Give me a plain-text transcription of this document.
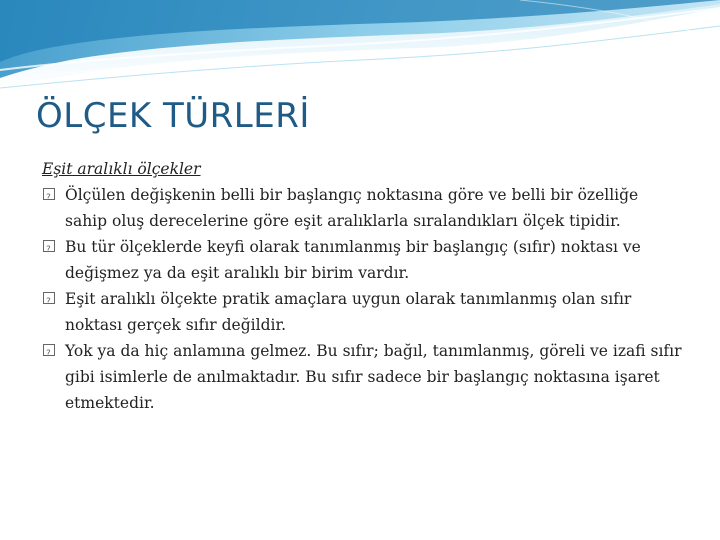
ÖLÇEK TÜRLERİ

Eşit aralıklı ölçekler

?
Ölçülen değişkenin belli bir başlangıç noktasına göre ve belli bir özelliğe sahip oluş derecelerine göre eşit aralıklarla sıralandıkları ölçek tipidir.
?
Bu tür ölçeklerde keyfi olarak tanımlanmış bir başlangıç (sıfır) noktası ve değişmez ya da eşit aralıklı bir birim vardır.
?
Eşit aralıklı ölçekte pratik amaçlara uygun olarak tanımlanmış olan sıfır noktası gerçek sıfır değildir.
?
Yok ya da hiç anlamına gelmez. Bu sıfır; bağıl, tanımlanmış, göreli ve izafi sıfır gibi isimlerle de anılmaktadır. Bu sıfır sadece bir başlangıç noktasına işaret etmektedir.
